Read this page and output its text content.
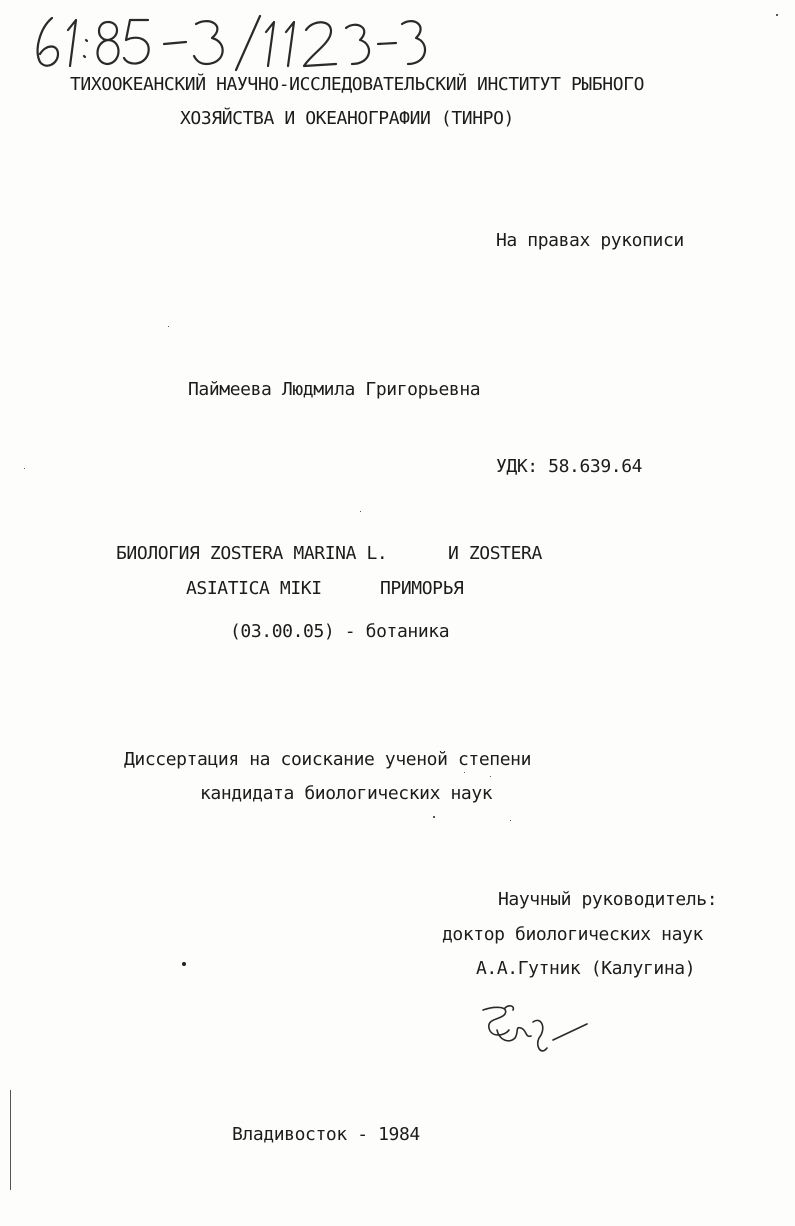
ТИХООКЕАНСКИЙ НАУЧНО-ИССЛЕДОВАТЕЛЬСКИЙ ИНСТИТУТ РЫБНОГО
ХОЗЯЙСТВА И ОКЕАНОГРАФИИ (ТИНРО)
На правах рукописи
Паймеева Людмила Григорьевна
УДК: 58.639.64
БИОЛОГИЯ ZOSTERA MARINA L.	И ZOSTERA
ASIATICA MIKI	ПРИМОРЬЯ
(03.00.05) - ботаника
Диссертация на соискание ученой степени
кандидата биологических наук
Научный руководитель:
доктор биологических наук
А.А.Гутник (Калугина)
Владивосток - 1984
